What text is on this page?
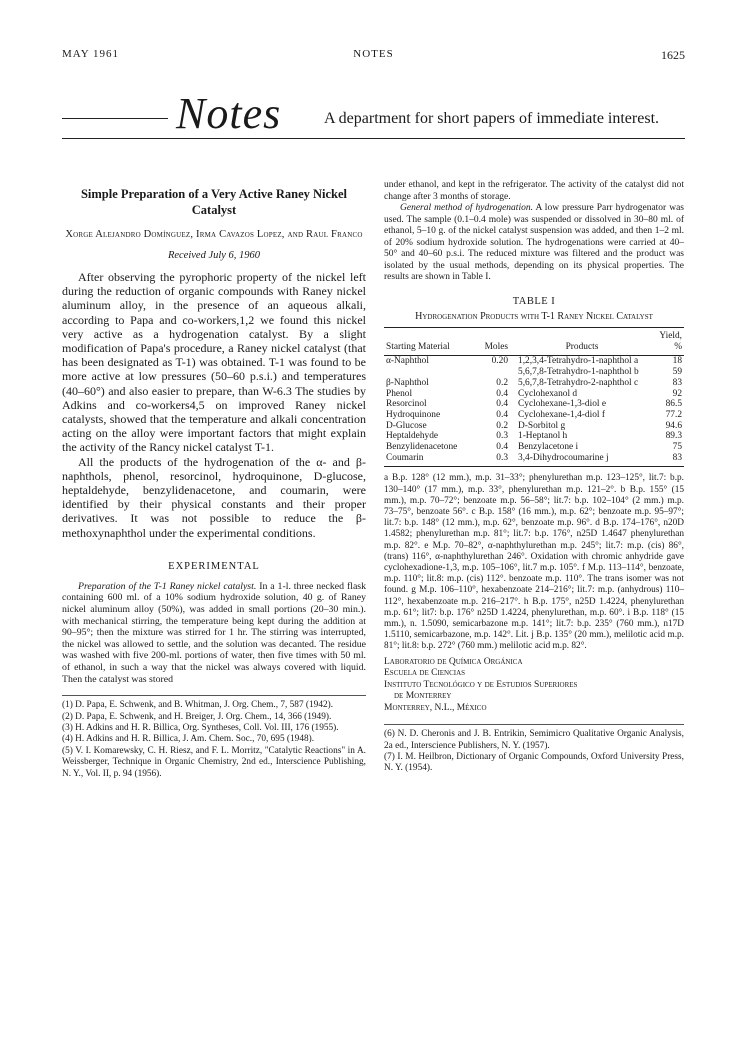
MAY 1961	NOTES	1625
Notes	A department for short papers of immediate interest.
Simple Preparation of a Very Active Raney Nickel Catalyst
Xorge Alejandro Domínguez, Irma Cavazos Lopez, and Raul Franco
Received July 6, 1960

After observing the pyrophoric property of the nickel left during the reduction of organic compounds with Raney nickel aluminum alloy, in the presence of an aqueous alkali, according to Papa and co-workers,1,2 we found this nickel very active as a hydrogenation catalyst. By a slight modification of Papa's procedure, a Raney nickel catalyst (that has been designated as T-1) was obtained. T-1 was found to be more active at low pressures (50–60 p.s.i.) and temperatures (40–60°) and also easier to prepare, than W-6.3 The studies by Adkins and co-workers4,5 on improved Raney nickel catalysts, showed that the temperature and alkali concentration acting on the alloy were important factors that might explain the activity of the Rancy nickel catalyst T-1.

All the products of the hydrogenation of the α- and β-naphthols, phenol, resorcinol, hydroquinone, D-glucose, heptaldehyde, benzylidenacetone, and coumarin, were identified by their physical constants and their proper derivatives. It was not possible to reduce the β-methoxynaphthol under the experimental conditions.

EXPERIMENTAL

Preparation of the T-1 Raney nickel catalyst. In a 1-l. three necked flask containing 600 ml. of a 10% sodium hydroxide solution, 40 g. of Raney nickel aluminum alloy (50%), was added in small portions (20–30 min.). with mechanical stirring, the temperature being kept during the addition at 90–95°; then the mixture was stirred for 1 hr. The stirring was interrupted, the nickel was allowed to settle, and the solution was decanted. The residue was washed with five 200-ml. portions of water, then five times with 50 ml. of ethanol, in such a way that the nickel was always covered with liquid. Then the catalyst was stored

(1) D. Papa, E. Schwenk, and B. Whitman, J. Org. Chem., 7, 587 (1942).
(2) D. Papa, E. Schwenk, and H. Breiger, J. Org. Chem., 14, 366 (1949).
(3) H. Adkins and H. R. Billica, Org. Syntheses, Coll. Vol. III, 176 (1955).
(4) H. Adkins and H. R. Billica, J. Am. Chem. Soc., 70, 695 (1948).
(5) V. I. Komarewsky, C. H. Riesz, and F. L. Morritz, "Catalytic Reactions" in A. Weissberger, Technique in Organic Chemistry, 2nd ed., Interscience Publishing, N. Y., Vol. II, p. 94 (1956).

under ethanol, and kept in the refrigerator. The activity of the catalyst did not change after 3 months of storage.

General method of hydrogenation. A low pressure Parr hydrogenator was used. The sample (0.1–0.4 mole) was suspended or dissolved in 30–80 ml. of ethanol, 5–10 g. of the nickel catalyst suspension was added, and then 1–2 ml. of 20% sodium hydroxide solution. The hydrogenations were carried at 40–50° and 40–60 p.s.i. The reduced mixture was filtered and the product was isolated by the usual methods, depending on its physical properties. The results are shown in Table I.

TABLE I
Hydrogenation Products with T-1 Raney Nickel Catalyst
Starting Material	Moles	Products	Yield, %
α-Naphthol	0.20	1,2,3,4-Tetrahydro-1-naphthol a	18
		5,6,7,8-Tetrahydro-1-naphthol b	59
β-Naphthol	0.2	5,6,7,8-Tetrahydro-2-naphthol c	83
Phenol	0.4	Cyclohexanol d	92
Resorcinol	0.4	Cyclohexane-1,3-diol e	86.5
Hydroquinone	0.4	Cyclohexane-1,4-diol f	77.2
D-Glucose	0.2	D-Sorbitol g	94.6
Heptaldehyde	0.3	1-Heptanol h	89.3
Benzylidenacetone	0.4	Benzylacetone i	75
Coumarin	0.3	3,4-Dihydrocoumarine j	83
a B.p. 128° (12 mm.), m.p. 31–33°; phenylurethan m.p. 123–125°, lit.7: b.p. 130–140° (17 mm.), m.p. 33°, phenylurethan m.p. 121–2°. b B.p. 155° (15 mm.), m.p. 70–72°; benzoate m.p. 56–58°; lit.7: b.p. 102–104° (2 mm.) m.p. 73–75°, benzoate 56°. c B.p. 158° (16 mm.), m.p. 62°; benzoate m.p. 95–97°; lit.7: b.p. 148° (12 mm.), m.p. 62°, benzoate m.p. 96°. d B.p. 174–176°, n20D 1.4582; phenylurethan m.p. 81°; lit.7: b.p. 176°, n25D 1.4647 phenylurethan m.p. 82°. e M.p. 70–82°, α-naphthylurethan m.p. 245°; lit.7: m.p. (cis) 86°, (trans) 116°, α-naphthylurethan 246°. Oxidation with chromic anhydride gave cyclohexadione-1,3, m.p. 105–106°, lit.7 m.p. 105°. f M.p. 113–114°, benzoate, m.p. 110°; lit.8: m.p. (cis) 112°. benzoate m.p. 110°. The trans isomer was not found. g M.p. 106–110°, hexabenzoate 214–216°; lit.7: m.p. (anhydrous) 110–112°, hexabenzoate m.p. 216–217°. h B.p. 175°, n25D 1.4224, phenylurethan m.p. 61°; lit7: b.p. 176° n25D 1.4224, phenylurethan, m.p. 60°. i B.p. 118° (15 mm.), n. 1.5090, semicarbazone m.p. 141°; lit.7: b.p. 235° (760 mm.), n17D 1.5110, semicarbazone, m.p. 142°. Lit. j B.p. 135° (20 mm.), melilotic acid m.p. 81°; lit.8: b.p. 272° (760 mm.) melilotic acid m.p. 82°.
Laboratorio de Química Orgánica
Escuela de Ciencias
Instituto Tecnológico y de Estudios Superiores
de Monterrey
Monterrey, N.L., México
(6) N. D. Cheronis and J. B. Entrikin, Semimicro Qualitative Organic Analysis, 2a ed., Interscience Publishers, N. Y. (1957).
(7) I. M. Heilbron, Dictionary of Organic Compounds, Oxford University Press, N. Y. (1954).
